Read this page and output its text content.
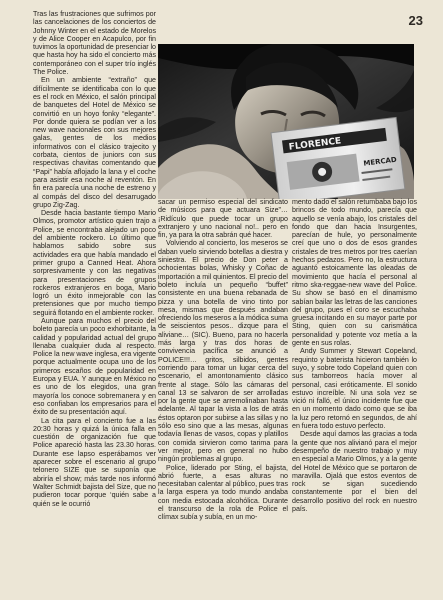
23

Tras las frustraciones que sufrimos por las cancelaciones de los conciertos de Johnny Winter en el estado de Morelos y de Alice Cooper en Acapulco, por fin tuvimos la oportunidad de presenciar lo que hasta hoy ha sido el concierto más contemporáneo con el super trío inglés The Police.

En un ambiente “extraño” que difícilmente se identificaba con lo que es el rock en México, el salón principal de banquetes del Hotel de México se convirtió en un hoyo fonky “elegante”. Por donde quiera se podían ver a los new wave nacionales con sus mejores galas, gentes de los medios informativos con el clásico trajecito y corbata, cientos de juniors con sus respectivas chavitas comentando que “Papi” había aflojado la lana y el coche para asistir esa noche al reventón. En fin era parecía una noche de estreno y al compás del disco del desarrugado grupo Zig-Zag.

Desde hacia bastante tiempo Mario Olmos, promotor artístico quien trajo a Police, se encontraba alejado un poco del ambiente rockero. Lo último que hablamos sabido sobre sus actividades era que había mandado el primer grupo a Canned Heat. Ahora sorpresivamente y con las negativas para presentaciones de grupos rockeros extranjeros en boga, Mario logró un éxito inmejorable con las pretensiones que por mucho tiempo seguirá flotando en el ambiente rocker.

Aunque para muchos el precio del boleto parecía un poco exhorbitante, la calidad y popularidad actual del grupo llenaba cualquier duda al respecto. Police la new wave inglesa, era vigente porque actualmente ocupa uno de los primeros escaños de popularidad en Europa y EUA. Y aunque en México no es uno de los elegidos, una gran mayoría los conoce sobremanera y en eso confiaban los empresarios para el éxito de su presentación aquí.

La cita para el concierto fue a las 20:30 horas y quizá la única falla en cuestión de organización fue que Police apareció hasta las 23.30 horas. Durante ese lapso esperábamos ver aparecer sobre el escenario al grupo telonero SIZE que se suponía que abriría el show; más tarde nos informó Walter Schmidt bajista del Size, que no pudieron tocar porque ‘quién sabe a quién se le ocurrió

FLORENCE
MERCAD

sacar un permiso especial del sindicato de músicos para que actuara Size”…¡Ridículo que puede tocar un grupo extranjero y uno nacional no!.. pero en fin, ya para la otra sabrán qué hacer.

Volviendo al concierto, los meseros se daban vuelo sirviendo botellas a diestra y siniestra. El precio de Don peter a ochocientas bolas, Whisky y Coñac de importación a mil quinientos. El precio del boleto incluía un pequeño “buffet” consistente en una buena rebanada de pizza y una botella de vino tinto por mesa, mismas que después andaban ofreciendo los meseros a la módica suma de seiscientos pesos.. dizque para el aliviane… (SIC). Bueno, para no hacerla más larga y tras dos horas de convivencia pacífica se anunció a POLICE!!!… gritos, silbidos, gentes corriendo para tomar un lugar cerca del escenario, el amontonamiento clásico frente al stage. Sólo las cámaras del canal 13 se salvaron de ser arrolladas por la gente que se arremolinaban hasta adelante. Al tapar la vista a los de atrás éstos optaron por subirse a las sillas y no sólo eso sino que a las mesas, algunas todavía llenas de vasos, copas y platillos con comida sirvieron como tarima para ver mejor, pero en general no hubo ningún problemas al grupo.

Police, liderado por Sting, el bajista, abrió fuerte, a esas alturas no necesitaban calentar al público, pues tras la larga espera ya todo mundo andaba con media estocada alcohólica. Durante el transcurso de la rola de Police el clímax subía y subía, en un mo-

mento dado el salón retumbaba bajo los brincos de todo mundo, parecía que aquello se venía abajo, los cristales del fondo que dan hacia Insurgentes, parecían de hule, yo personalmente creí que uno o dos de esos grandes cristales de tres metros por tres caerían hechos pedazos. Pero no, la estructura aguantó estoicamente las oleadas de movimiento que hacía el personal al ritmo ska-reggae-new wave del Police. Su show se basó en el dinamismo sabían bailar las letras de las canciones del grupo, pues el coro se escuchaba gruesa incitando en su mayor parte por Sting, quien con su carismática personalidad y potente voz metía a la gente en sus rolas.

Andy Summer y Stewart Copeland, requinto y baterista hicieron también lo suyo, y sobre todo Copeland quien con sus tamborreos hacía mover al personal, casi eróticamente. El sonido estuvo increíble. Ni una sola vez se vició ni falló, el único incidente fue que en un momento dado como que se iba la luz pero retornó en segundos, de ahí en fuera todo estuvo perfecto.

Desde aquí damos las gracias a toda la gente que nos alivianó para el mejor desempeño de nuestro trabajo y muy en especial a Mario Olmos, y a la gente del Hotel de México que se portaron de maravilla. Ojalá que estos eventos de rock se sigan sucediendo constantemente por el bien del desarrollo positivo del rock en nuestro país.
